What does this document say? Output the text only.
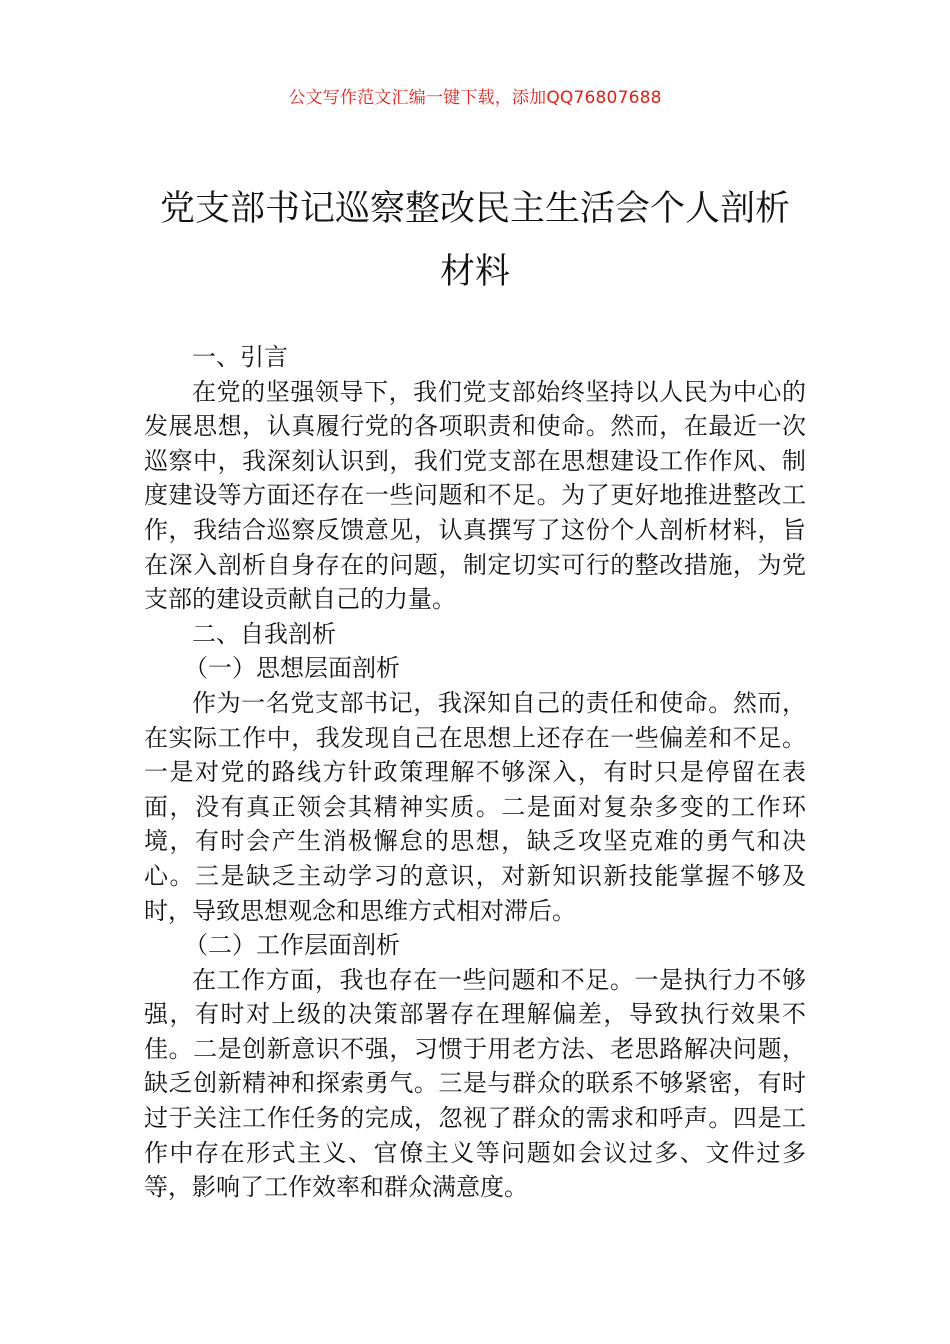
公文写作范文汇编一键下载，添加QQ76807688
党支部书记巡察整改民主生活会个人剖析
材料

一、引言

在党的坚强领导下，我们党支部始终坚持以人民为中心的发展思想，认真履行党的各项职责和使命。然而，在最近一次巡察中，我深刻认识到，我们党支部在思想建设工作作风、制度建设等方面还存在一些问题和不足。为了更好地推进整改工作，我结合巡察反馈意见，认真撰写了这份个人剖析材料，旨在深入剖析自身存在的问题，制定切实可行的整改措施，为党支部的建设贡献自己的力量。

二、自我剖析

（一）思想层面剖析

作为一名党支部书记，我深知自己的责任和使命。然而，在实际工作中，我发现自己在思想上还存在一些偏差和不足。一是对党的路线方针政策理解不够深入，有时只是停留在表面，没有真正领会其精神实质。二是面对复杂多变的工作环境，有时会产生消极懈怠的思想，缺乏攻坚克难的勇气和决心。三是缺乏主动学习的意识，对新知识新技能掌握不够及时，导致思想观念和思维方式相对滞后。

（二）工作层面剖析

在工作方面，我也存在一些问题和不足。一是执行力不够强，有时对上级的决策部署存在理解偏差，导致执行效果不佳。二是创新意识不强，习惯于用老方法、老思路解决问题，缺乏创新精神和探索勇气。三是与群众的联系不够紧密，有时过于关注工作任务的完成，忽视了群众的需求和呼声。四是工作中存在形式主义、官僚主义等问题如会议过多、文件过多等，影响了工作效率和群众满意度。
